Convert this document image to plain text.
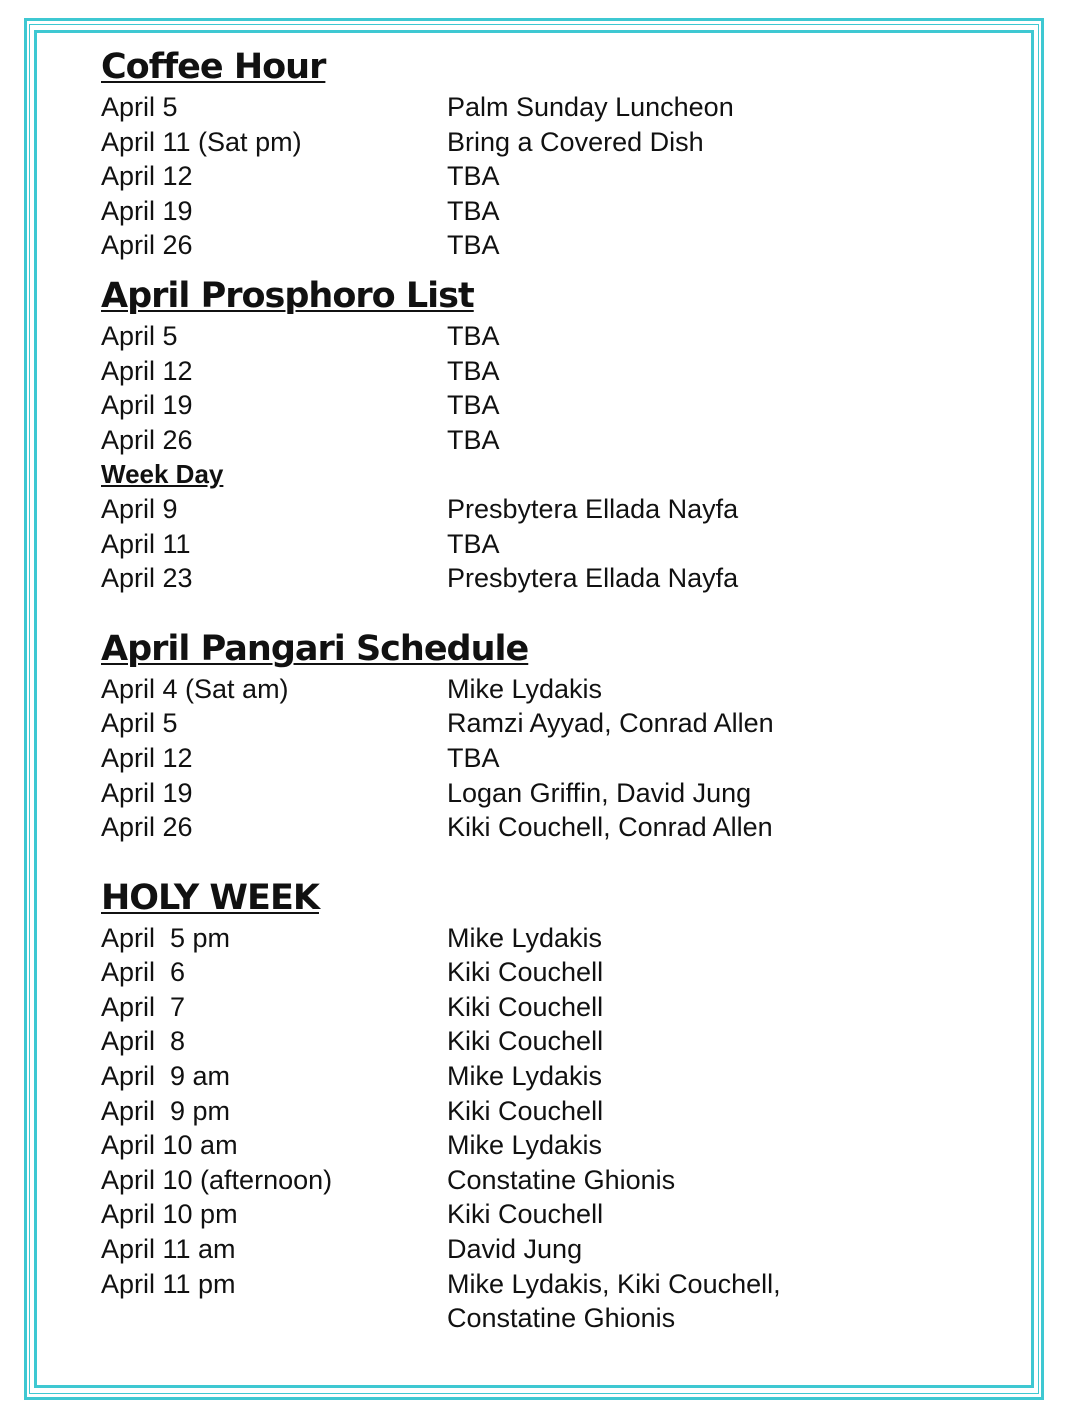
Coffee Hour
April 5	Palm Sunday Luncheon
April 11 (Sat pm)	Bring a Covered Dish
April 12	TBA
April 19	TBA
April 26	TBA
April Prosphoro List
April 5	TBA
April 12	TBA
April 19	TBA
April 26	TBA
Week Day
April 9	Presbytera Ellada Nayfa
April 11	TBA
April 23	Presbytera Ellada Nayfa
April Pangari Schedule
April 4 (Sat am)	Mike Lydakis
April 5	Ramzi Ayyad, Conrad Allen
April 12	TBA
April 19	Logan Griffin, David Jung
April 26	Kiki Couchell, Conrad Allen
HOLY WEEK
April  5 pm	Mike Lydakis
April  6	Kiki Couchell
April  7	Kiki Couchell
April  8	Kiki Couchell
April  9 am	Mike Lydakis
April  9 pm	Kiki Couchell
April 10 am	Mike Lydakis
April 10 (afternoon)	Constatine Ghionis
April 10 pm	Kiki Couchell
April 11 am	David Jung
April 11 pm	Mike Lydakis, Kiki Couchell,
Constatine Ghionis
